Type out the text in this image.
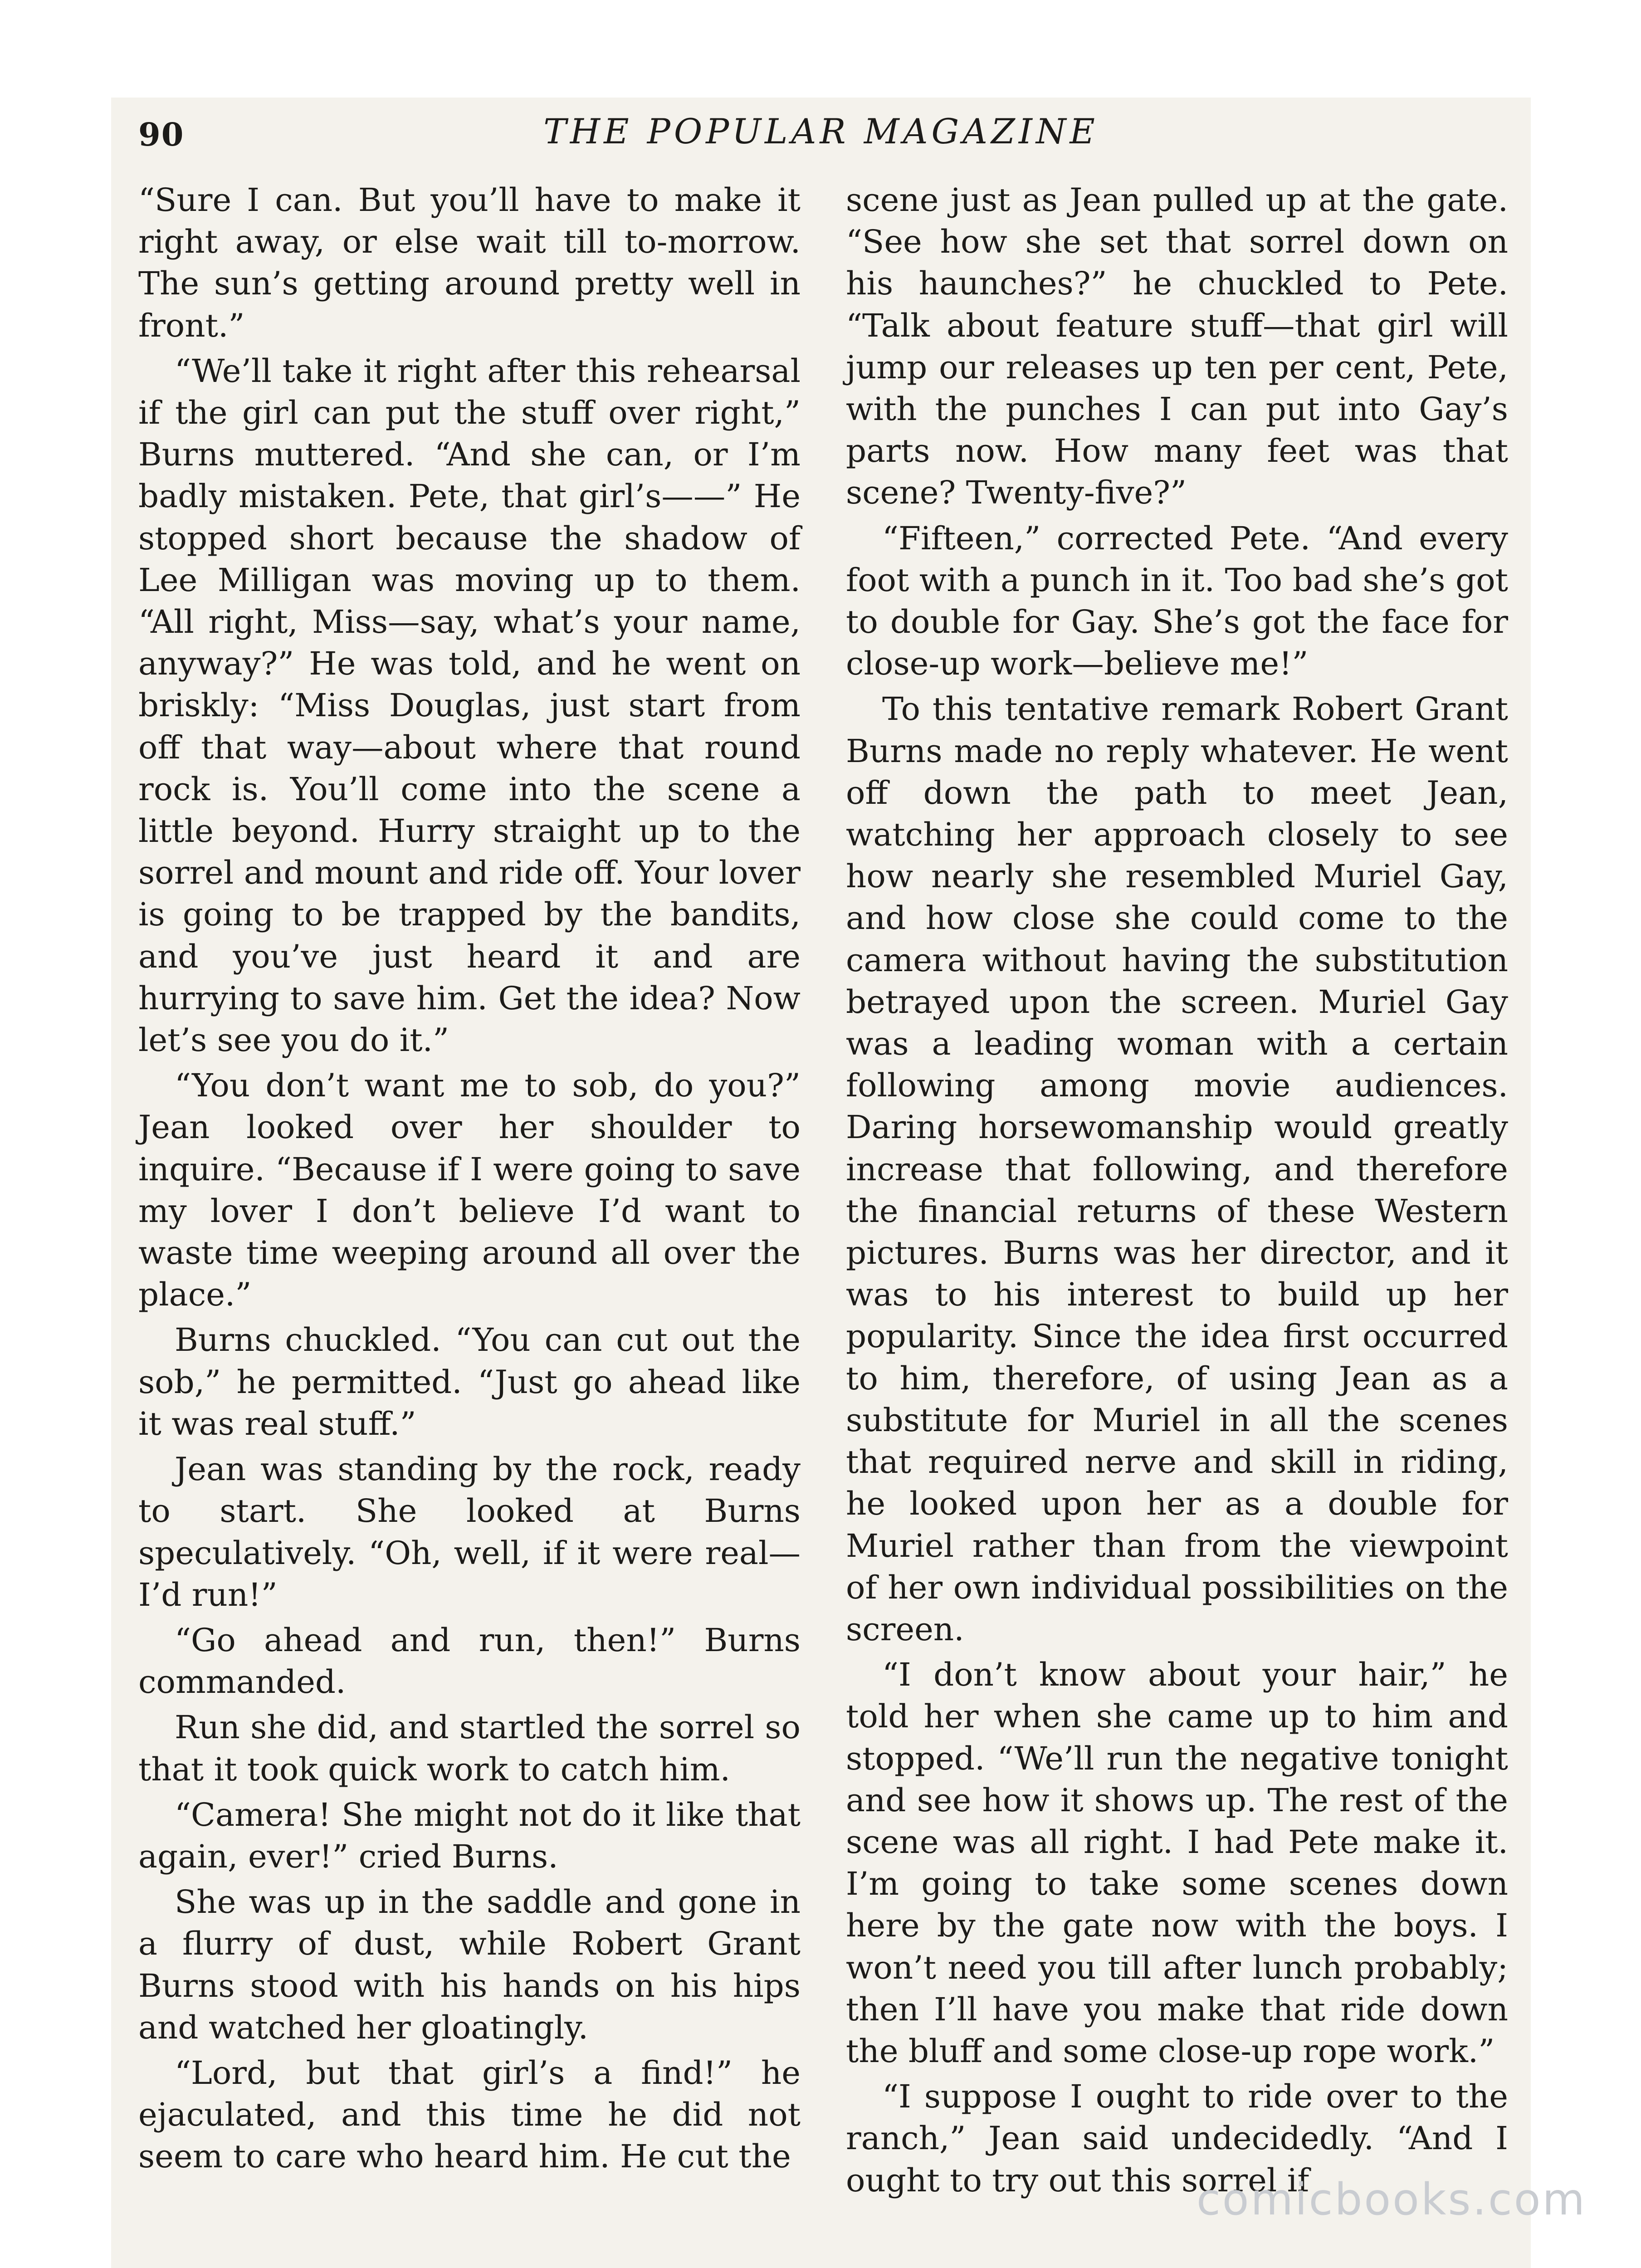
90	THE POPULAR MAGAZINE

“Sure I can. But you’ll have to make it right away, or else wait till to-morrow. The sun’s getting around pretty well in front.”

“We’ll take it right after this rehearsal if the girl can put the stuff over right,” Burns muttered. “And she can, or I’m badly mistaken. Pete, that girl’s——” He stopped short because the shadow of Lee Milligan was moving up to them. “All right, Miss—say, what’s your name, anyway?” He was told, and he went on briskly: “Miss Douglas, just start from off that way—about where that round rock is. You’ll come into the scene a little beyond. Hurry straight up to the sorrel and mount and ride off. Your lover is going to be trapped by the bandits, and you’ve just heard it and are hurrying to save him. Get the idea? Now let’s see you do it.”

“You don’t want me to sob, do you?” Jean looked over her shoulder to inquire. “Because if I were going to save my lover I don’t believe I’d want to waste time weeping around all over the place.”

Burns chuckled. “You can cut out the sob,” he permitted. “Just go ahead like it was real stuff.”

Jean was standing by the rock, ready to start. She looked at Burns speculatively. “Oh, well, if it were real—I’d run!”

“Go ahead and run, then!” Burns commanded.

Run she did, and startled the sorrel so that it took quick work to catch him.

“Camera! She might not do it like that again, ever!” cried Burns.

She was up in the saddle and gone in a flurry of dust, while Robert Grant Burns stood with his hands on his hips and watched her gloatingly.

“Lord, but that girl’s a find!” he ejaculated, and this time he did not seem to care who heard him. He cut the

scene just as Jean pulled up at the gate. “See how she set that sorrel down on his haunches?” he chuckled to Pete. “Talk about feature stuff—that girl will jump our releases up ten per cent, Pete, with the punches I can put into Gay’s parts now. How many feet was that scene? Twenty-five?”

“Fifteen,” corrected Pete. “And every foot with a punch in it. Too bad she’s got to double for Gay. She’s got the face for close-up work—believe me!”

To this tentative remark Robert Grant Burns made no reply whatever. He went off down the path to meet Jean, watching her approach closely to see how nearly she resembled Muriel Gay, and how close she could come to the camera without having the substitution betrayed upon the screen. Muriel Gay was a leading woman with a certain following among movie audiences. Daring horsewomanship would greatly increase that following, and therefore the financial returns of these Western pictures. Burns was her director, and it was to his interest to build up her popularity. Since the idea first occurred to him, therefore, of using Jean as a substitute for Muriel in all the scenes that required nerve and skill in riding, he looked upon her as a double for Muriel rather than from the viewpoint of her own individual possibilities on the screen.

“I don’t know about your hair,” he told her when she came up to him and stopped. “We’ll run the negative tonight and see how it shows up. The rest of the scene was all right. I had Pete make it. I’m going to take some scenes down here by the gate now with the boys. I won’t need you till after lunch probably; then I’ll have you make that ride down the bluff and some close-up rope work.”

“I suppose I ought to ride over to the ranch,” Jean said undecidedly. “And I ought to try out this sorrel if

comicbooks.com
